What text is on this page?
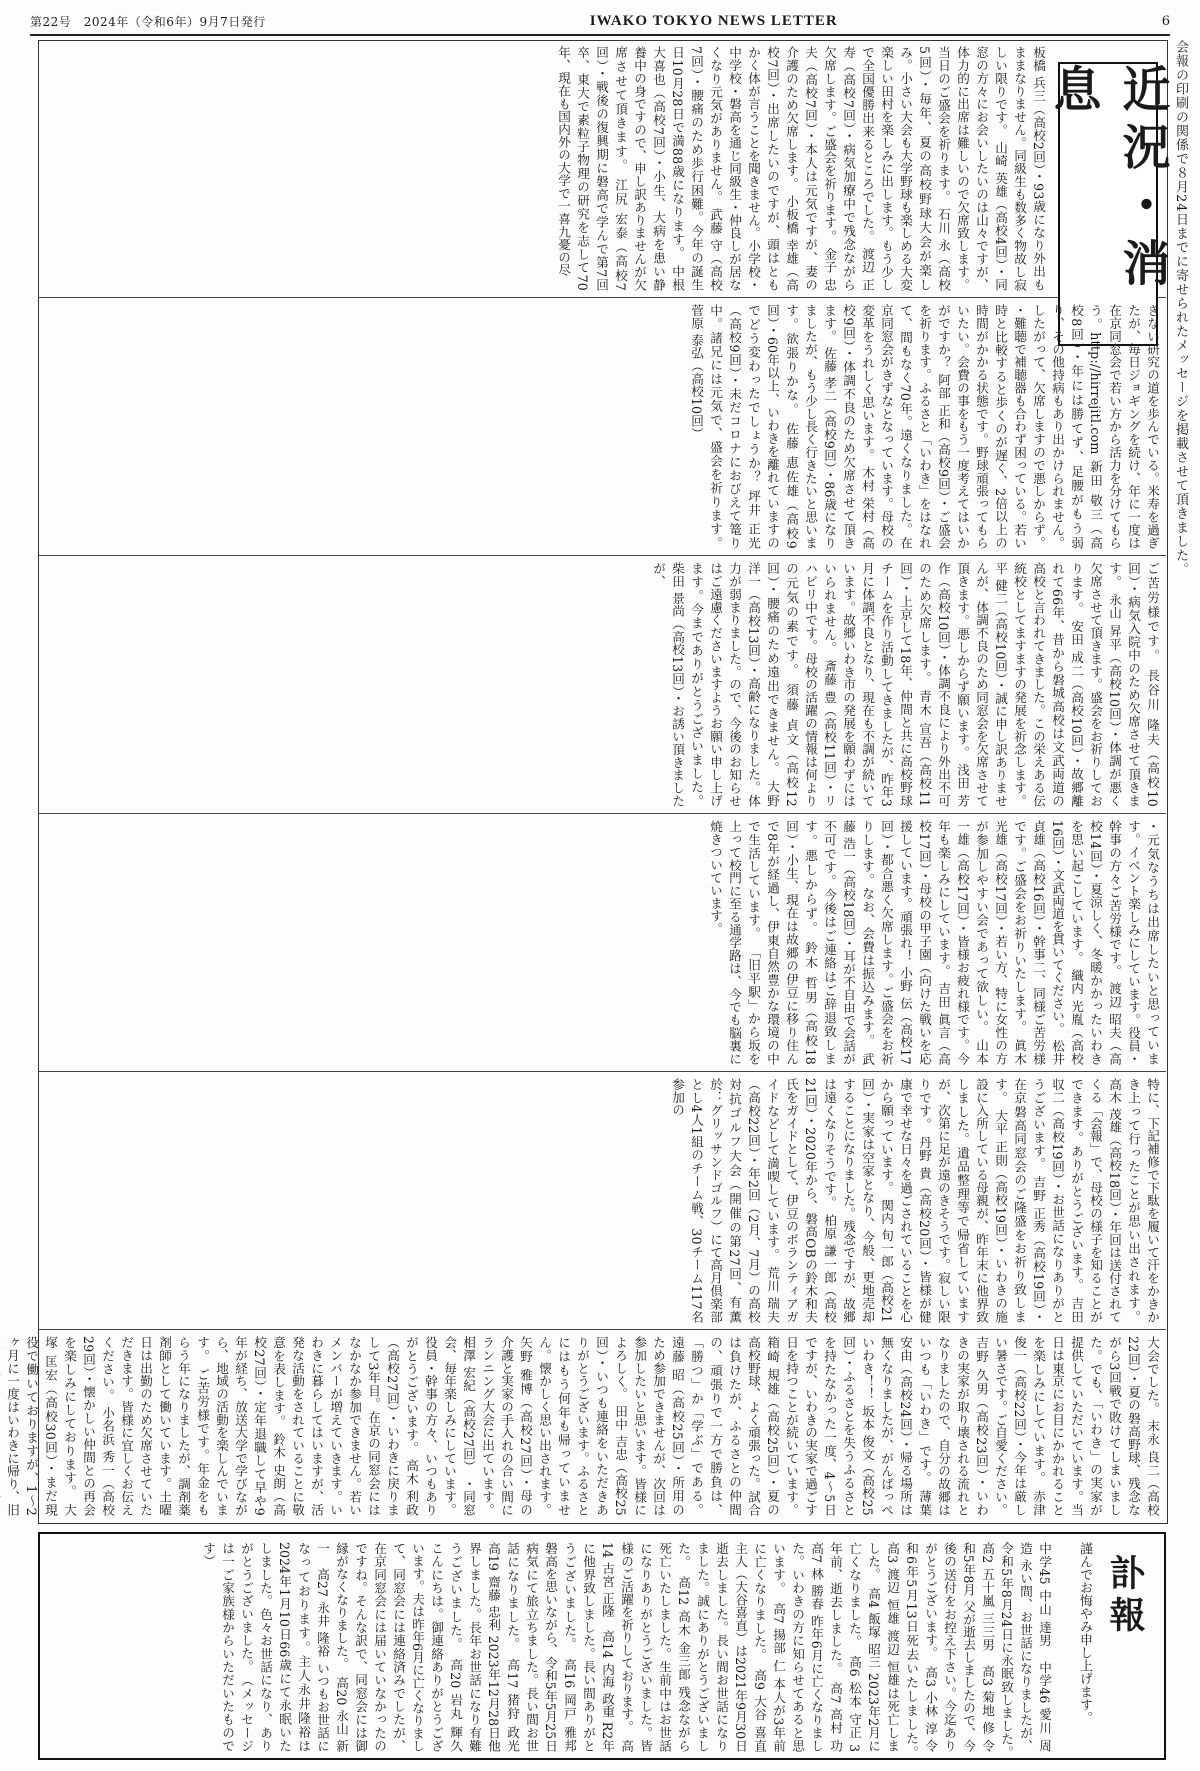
第22号　2024年（令和6年）9月7日発行	IWAKO TOKYO NEWS LETTER	6
会報の印刷の関係で８月24日までに寄せられたメッセージを掲載させて頂きました。
板橋 兵三（高校2回）・93歳になり外出もままなりません。同級生も数多く物故し寂しい限りです。 山崎 英雄（高校4回）・同窓の方々にお会いしたいのは山々ですが、体力的に出席は難しいので欠席致します。当日のご盛会を祈ります。 石川 永（高校5回）・毎年、夏の高校野球大会が楽しみ。小さい大会も大学野球も楽しめる大変楽しい田村を楽しみに出します。もう少しで全国優勝出来るところでした。 渡辺 正寿（高校7回）・病気加療中で残念ながら欠席します。ご盛会を祈ります。 金子 忠夫（高校7回）・本人は元気ですが、妻の介護のため欠席します。 小板橋 幸雄（高校7回）・出席したいのですが、頭はともかく体が言うことを聞きません。小学校・中学校・磐高を通じ同級生・仲良しが居なくなり元気がありません。 武藤 守（高校7回）・腰痛のため歩行困難。今年の誕生日10月28日で満88歳になります。 中根 大喜也（高校7回）・小生、大病を患い静養中の身ですので、申し訳ありませんが欠席させて頂きます。 江尻 宏泰（高校7回）・戦後の復興期に磐高で学んで第7回卒、東大で素粒子物理の研究を志して70年、現在も国内外の大学で一喜九憂の尽	近況・消息
きない研究の道を歩んでいる。米寿を過ぎたが、毎日ジョギングを続け、年に一度は在京同窓会で若い方から活力を分けてもらう。http://hirrejitl.com 新田 敬三（高校8回）・年には勝てず、足腰がもう弱り、その他持病もあり出かけられません。したがって、欠席しますので悪しからず。 ・難聴で補聴器も合わず困っている。若い時と比較すると歩くのが遅く、2倍以上の時間がかかる状態です。野球頑張ってもらいたい。会費の事をもう一度考えてはいかがですか？ 阿部 正和（高校9回）・ご盛会を祈ります。ふるさと「いわき」をはなれて、間もなく70年。遠くなりました。在京同窓会がきずなとなっています。母校の変革をうれしく思います。 木村 栄村（高校9回）・体調不良のため欠席させて頂きます。 佐藤 孝二（高校9回）・86歳になりましたが、もう少し長く行きたいと思います。欲張りかな。 佐藤 恵佐雄（高校9回）・60年以上、いわきを離れていますのでどう変わったでしょうか？ 坪井 正光（高校9回）・未だコロナにおびえて篭り中。諸兄には元気で、盛会を祈ります。 菅原 泰弘（高校10回）
ご苦労様です。 長谷川 隆夫（高校10回）・病気入院中のため欠席させて頂きます。 永山 昇平（高校10回）・体調が悪く欠席させて頂きます。盛会をお祈りしております。 安田 成二（高校10回）・故郷離れて66年、昔から磐城高校は文武両道の高校と言われてきました。この栄えある伝統校としてますますの発展を祈念します。 平 健二（高校10回）・誠に申し訳ありませんが、体調不良のため同窓会を欠席させて頂きます。悪しからず願います。 浅田 芳作（高校10回）・体調不良により外出不可のため欠席します。 青木 宣吾（高校11回）・上京して18年、仲間と共に高校野球チームを作り活動してきましたが、昨年3月に体調不良となり、現在も不調が続いています。故郷いわき市の発展を願わずにはいられません。 斎藤 豊（高校11回）・リハビリ中です。母校の活躍の情報は何よりの元気の素です。 須藤 貞文（高校12回）・腰痛のため遠出できません。 大野 洋一（高校13回）・高齢になりました。体力が弱まりました。ので、今後のお知らせはご遠慮くださいますようお願い申し上げます。今までありがとうございました。 柴田 景尚（高校13回）・お誘い頂きましたが、
・元気なうちは出席したいと思っています。イベント楽しみにしています。役員・幹事の方々ご苦労様です。 渡辺 昭夫（高校14回）・夏涼しく、冬暖かかったいわきを思い起こしています。 織内 光胤（高校16回）・文武両道を貫いてください。 松井 貞雄（高校16回）・幹事二、同様ご苦労様です。ご盛会をお祈りいたします。 眞木 光雄（高校17回）・若い方、特に女性の方が参加しやすい会であって欲しい。 山本 一雄（高校17回）・皆様お疲れ様です。今年も楽しみにしています。 吉田 眞言（高校17回）・母校の甲子園（向けた戦いを応援しています。頑張れ！ 小野 伝（高校17回）・都合悪く欠席します。ご盛会をお祈りします。なお、会費は振込みます。 武藤 浩一（高校18回）・耳が不自由で会話が不可です。今後はご連絡はご辞退致します。悪しからず。 鈴木 哲男（高校18回）・小生、現在は故郷の伊豆に移り住んで8年が経過し、伊東自然豊かな環境の中で生活しています。 「旧平駅」から坂を上って校門に至る通学路は、今でも脳裏に焼きついています。
特に、下記補修で下駄を履いて汗をかきかき上って行ったことが思い出されます。 高木 茂雄（高校18回）・年回は送付されてくる「会報」で、母校の様子を知ることができます。ありがとうございます。 吉田 収二（高校19回）・お世話になりありがとうございます。 吉野 正秀（高校19回）・在京磐高同窓会のご隆盛をお祈り致します。 大平 正則（高校19回）・いわきの施設に入所している母親が、昨年末に他界致しました。遺品整理等で帰省していますが、次第に足が遠のきそうです。寂しい限りです。 丹野 貴（高校20回）・皆様が健康で幸せな日々を過ごされていることを心から願っています。 関内 旬一郎（高校21回）・実家は空家となり、今般、更地売却することになりました。残念ですが、故郷は遠くなりそうです。 柏原 謙一郎（高校21回）・2020年から、磐高OBの鈴木和夫氏をガイドとして、伊豆のボランティアガイドなどして満喫しています。 荒川 瑞夫（高校22回）・年2回（2月、7月）の高校対抗ゴルフ大会（開催の第27回、有薫於：グリッサンドゴルフ）にて高月倶楽部とし4人1組のチーム戦、30チーム117名参加の
大会でした。 末永 良二（高校22回）・夏の磐高野球、残念ながら3回戦で敗けてしまいました。でも、「いわき」の実家が提供していただいています。当日は東京にお目にかかれることを楽しみにしています。 赤津 俊一（高校22回）・今年は厳しい暑さです。ご自愛ください。 吉野 久男（高校23回）・いわきの実家が取り壊される流れとなりましたので、自分の故郷はいつも「いわき」です。 薄葉 安由（高校24回）・帰る場所は無くなりましたが、がんばっぺいわき！！ 坂本 俊文（高校25回）・ふるさとを失うふるさとを持たなかった一度、4～5日ですが、いわきの実家で過ごす日を持つことが続いています。 箱崎 規雄（高校25回）・夏の高校野球、よく頑張った。試合は負けたが、ふるさとの仲間の、頑張りで一方で勝負は、「勝つ」か「学ぶ」である。 遠藤 昭（高校25回）・所用のため参加できませんが、次回は参加したいと思います。皆様によろしく。 田中 吉忠（高校25回）・いつも連絡をいただきありがとうございます。ふるさとにはもう何年も帰っていません。懐かしく思い出されます。 矢野 雅博（高校27回）・母の介護と実家の手入れの合い間にランニング大会に出ています。 相澤 宏紀（高校27回） ・同窓会、毎年楽しみにしています。役員・幹事の方々、いつもありがとうございます。 高木 利政（高校27回）・いわきに戻りまして3年目。在京の同窓会にはなかなか参加できません。若いメンバーが増えていきます。いわきに暮らしてはいますが、活発な活動をされていることに敬意を表します。 鈴木 史朗（高校27回）・定年退職して早や9年が経ち、放送大学で学びながら、地域の活動を楽しんでいます。 ご苦労様です。年金をもらう年になりましたが、調剤薬剤師として働いています。土曜日は出勤のため欠席させていただきます。皆様に宜しくお伝えください。 小名浜 秀一（高校29回）・懐かしい仲間との再会を楽しみにしております。 大塚 匡宏（高校30回）・まだ現役で働いておりますが、1～2ヶ月に一度はいわきに帰り、旧
訃報
謹んでお悔やみ申し上げます。
中学45 中山 達男　中学46 愛川 周造 永い間、お世話になりましたが、令和5年8月24日に永眠致しました。　高2 五十嵐 三三男　高3 菊地 修 令和5年8月 父が逝去しましたので、今後の送付をお控え下さい。今迄ありがとうございます。　高3 小林 淳 令和6年5月13日死去いたしました。　高3 渡辺 恒雄 渡辺 恒雄は死亡しました。　高4 飯塚 昭三 2023年2月に亡くなりました。　高6 松本 守正 3年前、逝去しました。　高7 高村 功　高7 林 勝春 昨年6月に亡くなりました。いわきの方に知らせてあると思います。　高7 揚部 仁 本人が3年前に亡くなりました。　高9 大谷 喜直 主人（大谷喜直）は2021年9月30日逝去しました。長い間お世話になりました。誠にありがとうございました。　高12 高木 金三郎 残念ながら死亡いたしました。生前中はお世話になりありがとうございました。皆様のご活躍を祈りしております。　高14 古宮 正隆　高14 内海 政重 R2年に他界致しました。長い間ありがとうございました。　高16 岡戸 雅邦 磐高を思いながら、令和5年5月25日病気にて旅立ちました。長い間お世話になりました。　高17 猪狩 政光　高19 齋藤 忠利 2023年12月28日他界しました。長年お世話になり有難うございました。　高20 岩丸 輝久 こんにちは。御連絡ありがとうございます。夫は昨年6月に亡くなりまして、同窓会には連絡済みでしたが、在京同窓会には届いていなかったのですね。そんな訳で、同窓会には御縁がなくなりました。　高20 永山 新一　高27 永井 隆裕 いつもお世話になっております。主人永井隆裕は2024年1月10日66歳にて永眠いたしました。色々お世話になり、ありがとうございました。　（メッセージは一ご家族様からいただいたものです）
